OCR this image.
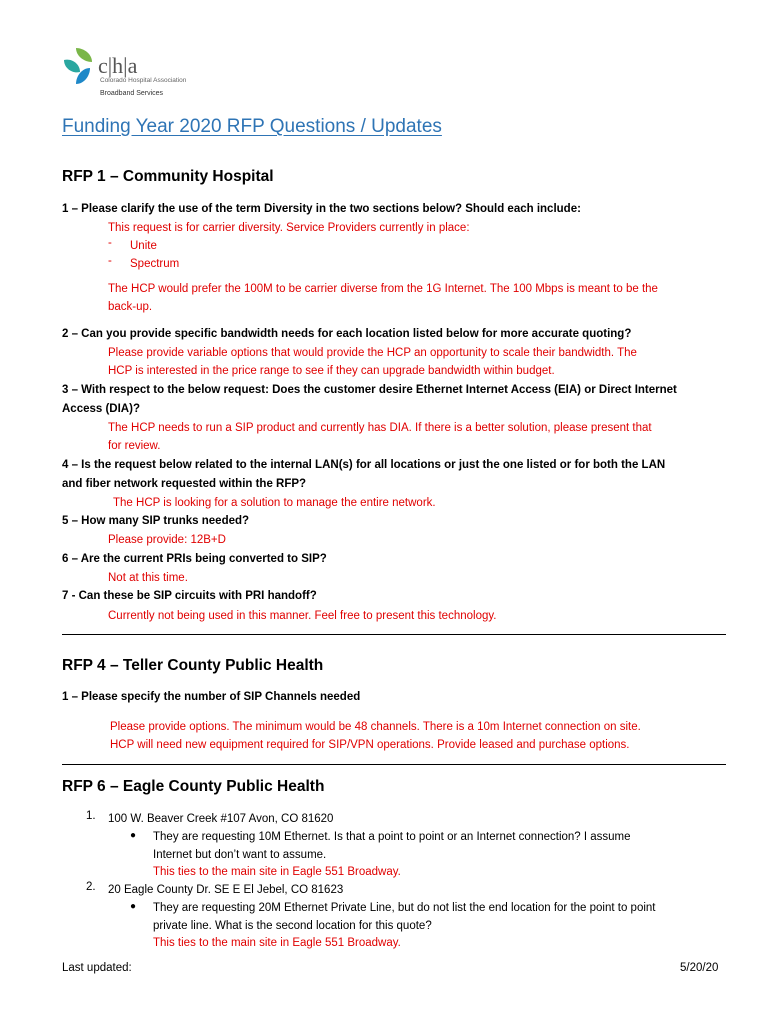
c|h|a
Colorado Hospital Association
Broadband Services
Funding Year 2020 RFP Questions / Updates
RFP 1 – Community Hospital
1 – Please clarify the use of the term Diversity in the two sections below? Should each include:
This request is for carrier diversity. Service Providers currently in place:
- Unite
- Spectrum
The HCP would prefer the 100M to be carrier diverse from the 1G Internet. The 100 Mbps is meant to be the
back-up.
2 – Can you provide specific bandwidth needs for each location listed below for more accurate quoting?
Please provide variable options that would provide the HCP an opportunity to scale their bandwidth. The
HCP is interested in the price range to see if they can upgrade bandwidth within budget.
3 – With respect to the below request: Does the customer desire Ethernet Internet Access (EIA) or Direct Internet
Access (DIA)?
The HCP needs to run a SIP product and currently has DIA. If there is a better solution, please present that
for review.
4 – Is the request below related to the internal LAN(s) for all locations or just the one listed or for both the LAN
and fiber network requested within the RFP?
The HCP is looking for a solution to manage the entire network.
5 – How many SIP trunks needed?
Please provide: 12B+D
6 – Are the current PRIs being converted to SIP?
Not at this time.
7 - Can these be SIP circuits with PRI handoff?
Currently not being used in this manner. Feel free to present this technology.
RFP 4 – Teller County Public Health
1 – Please specify the number of SIP Channels needed
Please provide options. The minimum would be 48 channels. There is a 10m Internet connection on site.
HCP will need new equipment required for SIP/VPN operations. Provide leased and purchase options.
RFP 6 – Eagle County Public Health
1. 100 W. Beaver Creek #107 Avon, CO 81620
● They are requesting 10M Ethernet. Is that a point to point or an Internet connection? I assume
Internet but don’t want to assume.
This ties to the main site in Eagle 551 Broadway.
2. 20 Eagle County Dr. SE E El Jebel, CO 81623
● They are requesting 20M Ethernet Private Line, but do not list the end location for the point to point
private line. What is the second location for this quote?
This ties to the main site in Eagle 551 Broadway.
Last updated:	5/20/20
